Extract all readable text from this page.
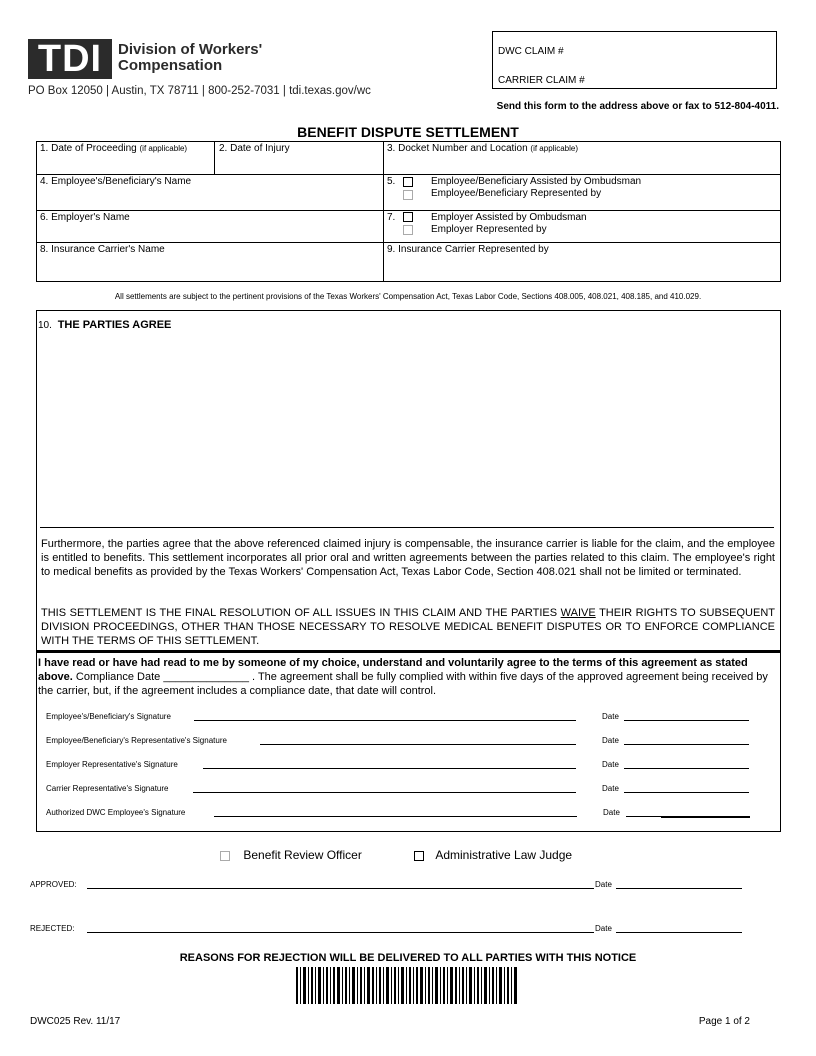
TDI	Division of Workers'
Compensation
PO Box 12050 | Austin, TX 78711 | 800-252-7031 | tdi.texas.gov/wc
DWC CLAIM #
CARRIER CLAIM #
Send this form to the address above or fax to 512-804-4011.
BENEFIT DISPUTE SETTLEMENT
1. Date of Proceeding (if applicable)	2. Date of Injury	3. Docket Number and Location (if applicable)
4. Employee's/Beneficiary's Name	5.	Employee/Beneficiary Assisted by Ombudsman
Employee/Beneficiary Represented by
6. Employer's Name	7.	Employer Assisted by Ombudsman
Employer Represented by
8. Insurance Carrier's Name	9. Insurance Carrier Represented by
All settlements are subject to the pertinent provisions of the Texas Workers' Compensation Act, Texas Labor Code, Sections 408.005, 408.021, 408.185, and 410.029.
10. THE PARTIES AGREE
Furthermore, the parties agree that the above referenced claimed injury is compensable, the insurance carrier is liable for the claim, and the employee is entitled to benefits. This settlement incorporates all prior oral and written agreements between the parties related to this claim. The employee's right to medical benefits as provided by the Texas Workers' Compensation Act, Texas Labor Code, Section 408.021 shall not be limited or terminated.
THIS SETTLEMENT IS THE FINAL RESOLUTION OF ALL ISSUES IN THIS CLAIM AND THE PARTIES WAIVE THEIR RIGHTS TO SUBSEQUENT DIVISION PROCEEDINGS, OTHER THAN THOSE NECESSARY TO RESOLVE MEDICAL BENEFIT DISPUTES OR TO ENFORCE COMPLIANCE WITH THE TERMS OF THIS SETTLEMENT.
I have read or have had read to me by someone of my choice, understand and voluntarily agree to the terms of this agreement as stated above. Compliance Date ______________ . The agreement shall be fully complied with within five days of the approved agreement being received by the carrier, but, if the agreement includes a compliance date, that date will control.
Employee's/Beneficiary's Signature	Date
Employee/Beneficiary's Representative's Signature	Date
Employer Representative's Signature	Date
Carrier Representative's Signature	Date
Authorized DWC Employee's Signature	Date
Benefit Review Officer	Administrative Law Judge
APPROVED:	Date
REJECTED:	Date
REASONS FOR REJECTION WILL BE DELIVERED TO ALL PARTIES WITH THIS NOTICE
DWC025 Rev. 11/17	Page 1 of 2
